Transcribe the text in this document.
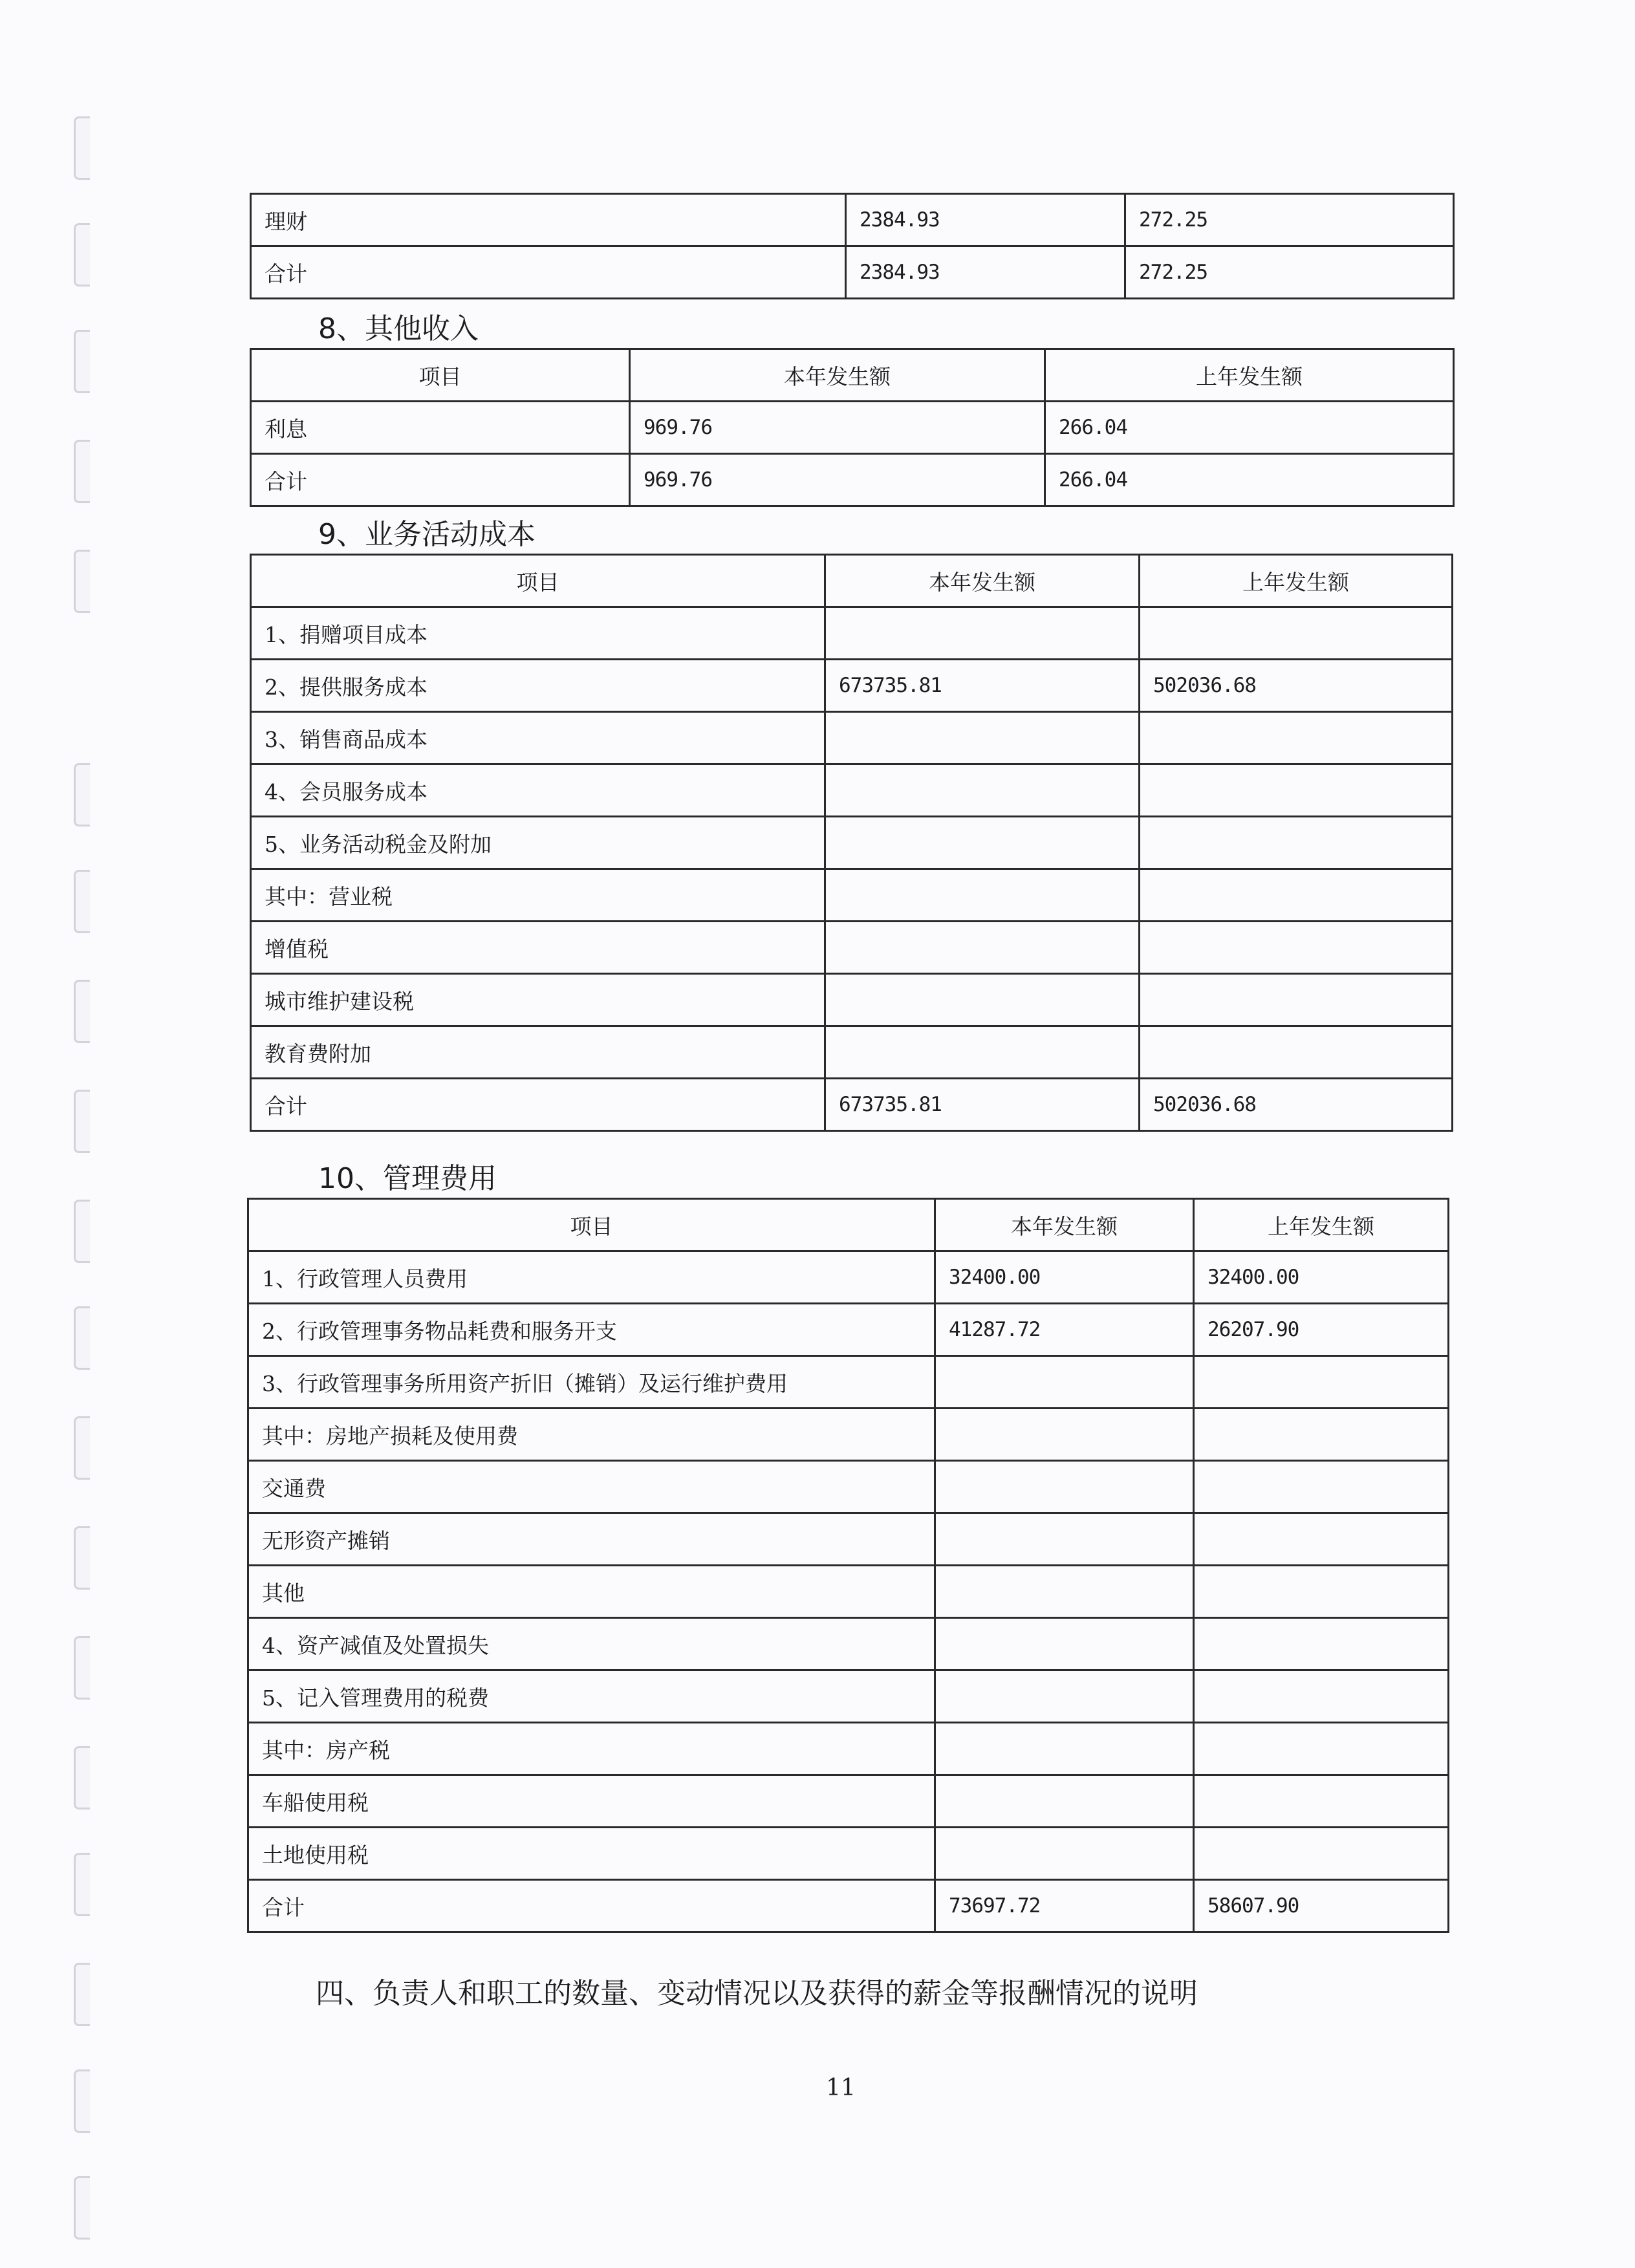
理财	2384.93	272.25
合计	2384.93	272.25
8、其他收入
项目	本年发生额	上年发生额
利息	969.76	266.04
合计	969.76	266.04
9、业务活动成本
项目	本年发生额	上年发生额
1、捐赠项目成本		
2、提供服务成本	673735.81	502036.68
3、销售商品成本		
4、会员服务成本		
5、业务活动税金及附加		
其中：营业税		
增值税		
城市维护建设税		
教育费附加		
合计	673735.81	502036.68
10、管理费用
项目	本年发生额	上年发生额
1、行政管理人员费用	32400.00	32400.00
2、行政管理事务物品耗费和服务开支	41287.72	26207.90
3、行政管理事务所用资产折旧（摊销）及运行维护费用		
其中：房地产损耗及使用费		
交通费		
无形资产摊销		
其他		
4、资产减值及处置损失		
5、记入管理费用的税费		
其中：房产税		
车船使用税		
土地使用税		
合计	73697.72	58607.90
四、负责人和职工的数量、变动情况以及获得的薪金等报酬情况的说明
11
